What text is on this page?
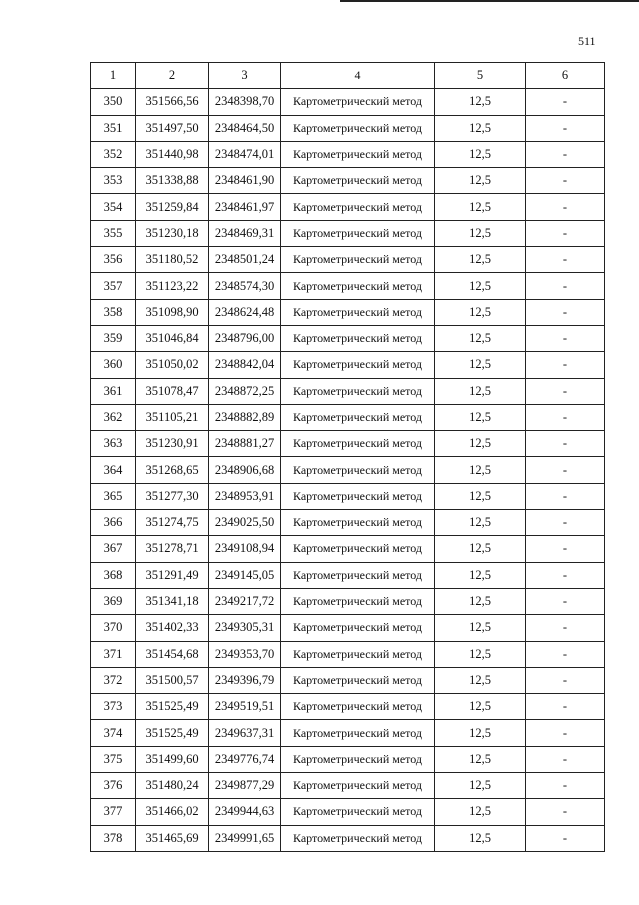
511
1	2	3	4	5	6
350	351566,56	2348398,70	Картометрический метод	12,5	-
351	351497,50	2348464,50	Картометрический метод	12,5	-
352	351440,98	2348474,01	Картометрический метод	12,5	-
353	351338,88	2348461,90	Картометрический метод	12,5	-
354	351259,84	2348461,97	Картометрический метод	12,5	-
355	351230,18	2348469,31	Картометрический метод	12,5	-
356	351180,52	2348501,24	Картометрический метод	12,5	-
357	351123,22	2348574,30	Картометрический метод	12,5	-
358	351098,90	2348624,48	Картометрический метод	12,5	-
359	351046,84	2348796,00	Картометрический метод	12,5	-
360	351050,02	2348842,04	Картометрический метод	12,5	-
361	351078,47	2348872,25	Картометрический метод	12,5	-
362	351105,21	2348882,89	Картометрический метод	12,5	-
363	351230,91	2348881,27	Картометрический метод	12,5	-
364	351268,65	2348906,68	Картометрический метод	12,5	-
365	351277,30	2348953,91	Картометрический метод	12,5	-
366	351274,75	2349025,50	Картометрический метод	12,5	-
367	351278,71	2349108,94	Картометрический метод	12,5	-
368	351291,49	2349145,05	Картометрический метод	12,5	-
369	351341,18	2349217,72	Картометрический метод	12,5	-
370	351402,33	2349305,31	Картометрический метод	12,5	-
371	351454,68	2349353,70	Картометрический метод	12,5	-
372	351500,57	2349396,79	Картометрический метод	12,5	-
373	351525,49	2349519,51	Картометрический метод	12,5	-
374	351525,49	2349637,31	Картометрический метод	12,5	-
375	351499,60	2349776,74	Картометрический метод	12,5	-
376	351480,24	2349877,29	Картометрический метод	12,5	-
377	351466,02	2349944,63	Картометрический метод	12,5	-
378	351465,69	2349991,65	Картометрический метод	12,5	-
